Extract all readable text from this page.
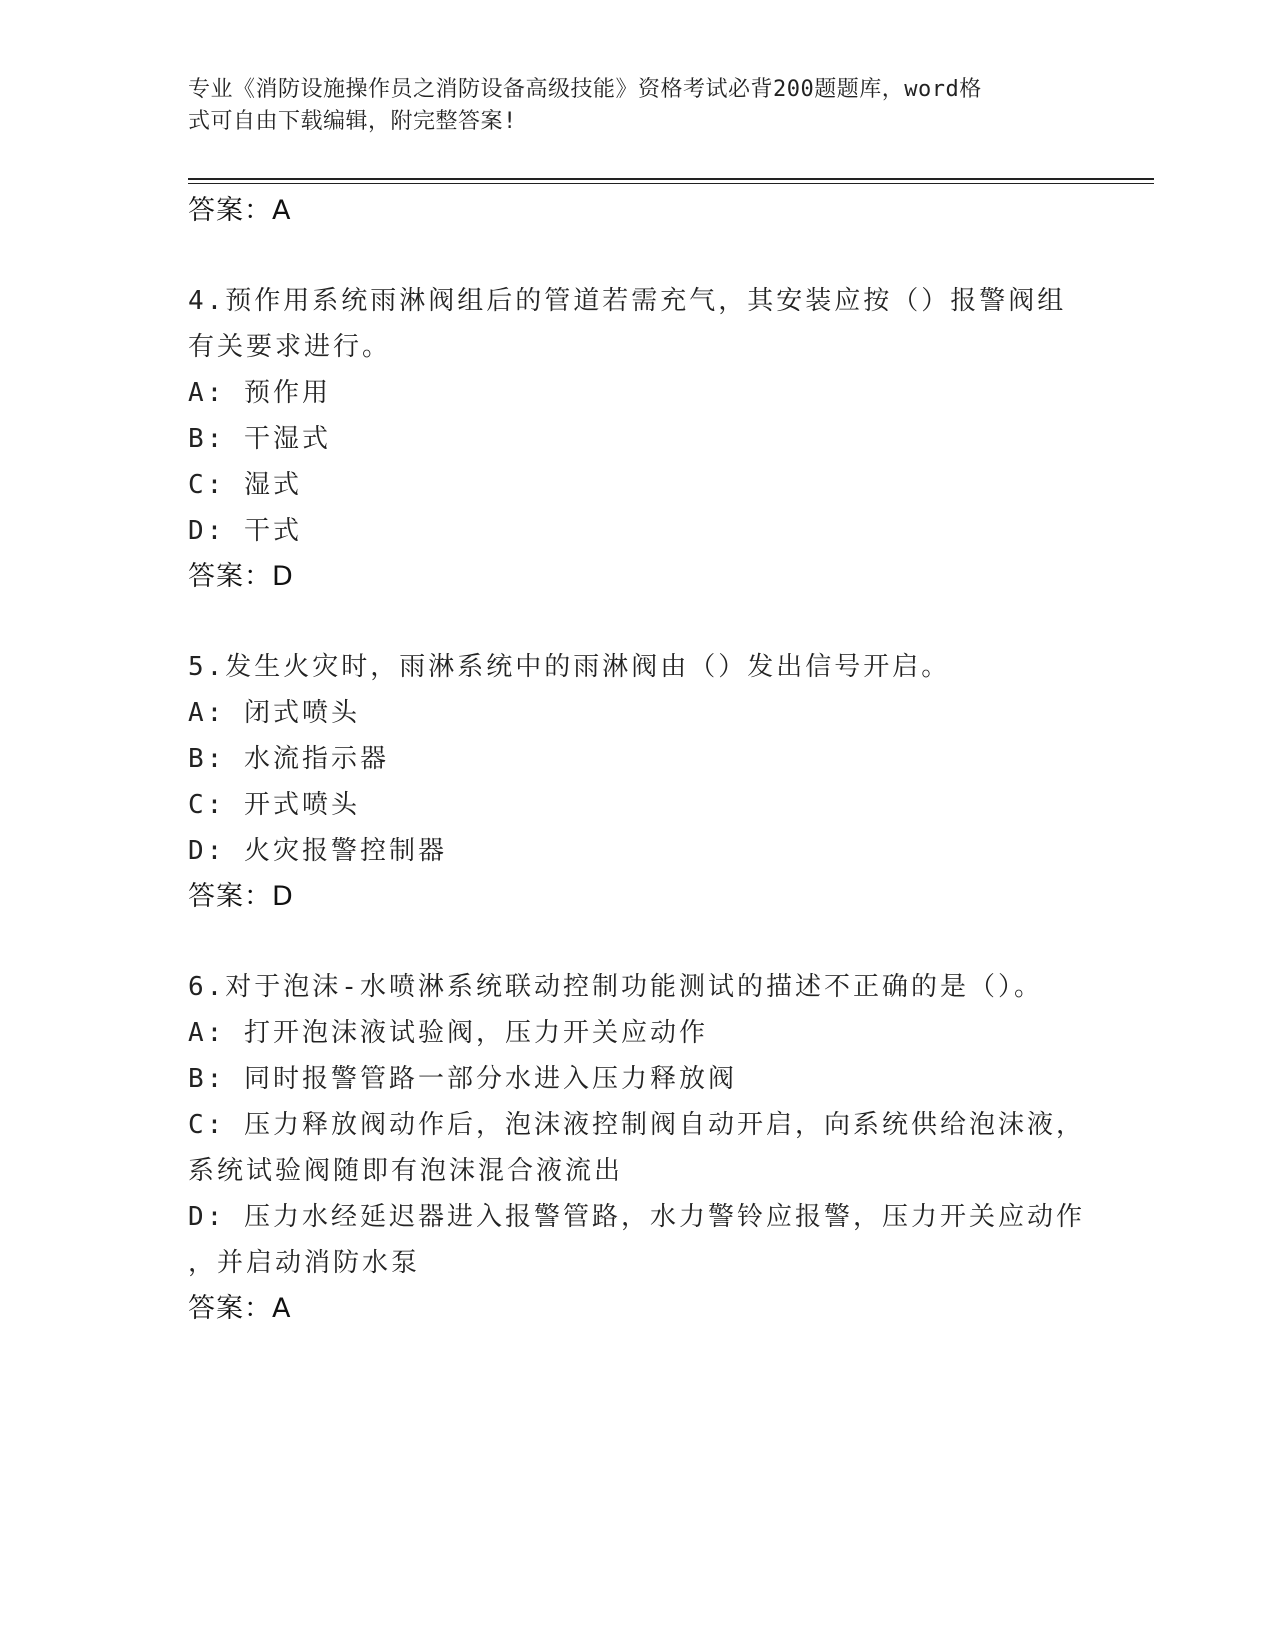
专业《消防设施操作员之消防设备高级技能》资格考试必背200题题库，word格
式可自由下载编辑，附完整答案!
答案：A
4.预作用系统雨淋阀组后的管道若需充气，其安装应按（）报警阀组
有关要求进行。
A: 预作用
B: 干湿式
C: 湿式
D: 干式
答案：D
5.发生火灾时，雨淋系统中的雨淋阀由（）发出信号开启。
A: 闭式喷头
B: 水流指示器
C: 开式喷头
D: 火灾报警控制器
答案：D
6.对于泡沫-水喷淋系统联动控制功能测试的描述不正确的是（）。
A: 打开泡沫液试验阀，压力开关应动作
B: 同时报警管路一部分水进入压力释放阀
C: 压力释放阀动作后，泡沫液控制阀自动开启，向系统供给泡沫液，
系统试验阀随即有泡沫混合液流出
D: 压力水经延迟器进入报警管路，水力警铃应报警，压力开关应动作
，并启动消防水泵
答案：A
